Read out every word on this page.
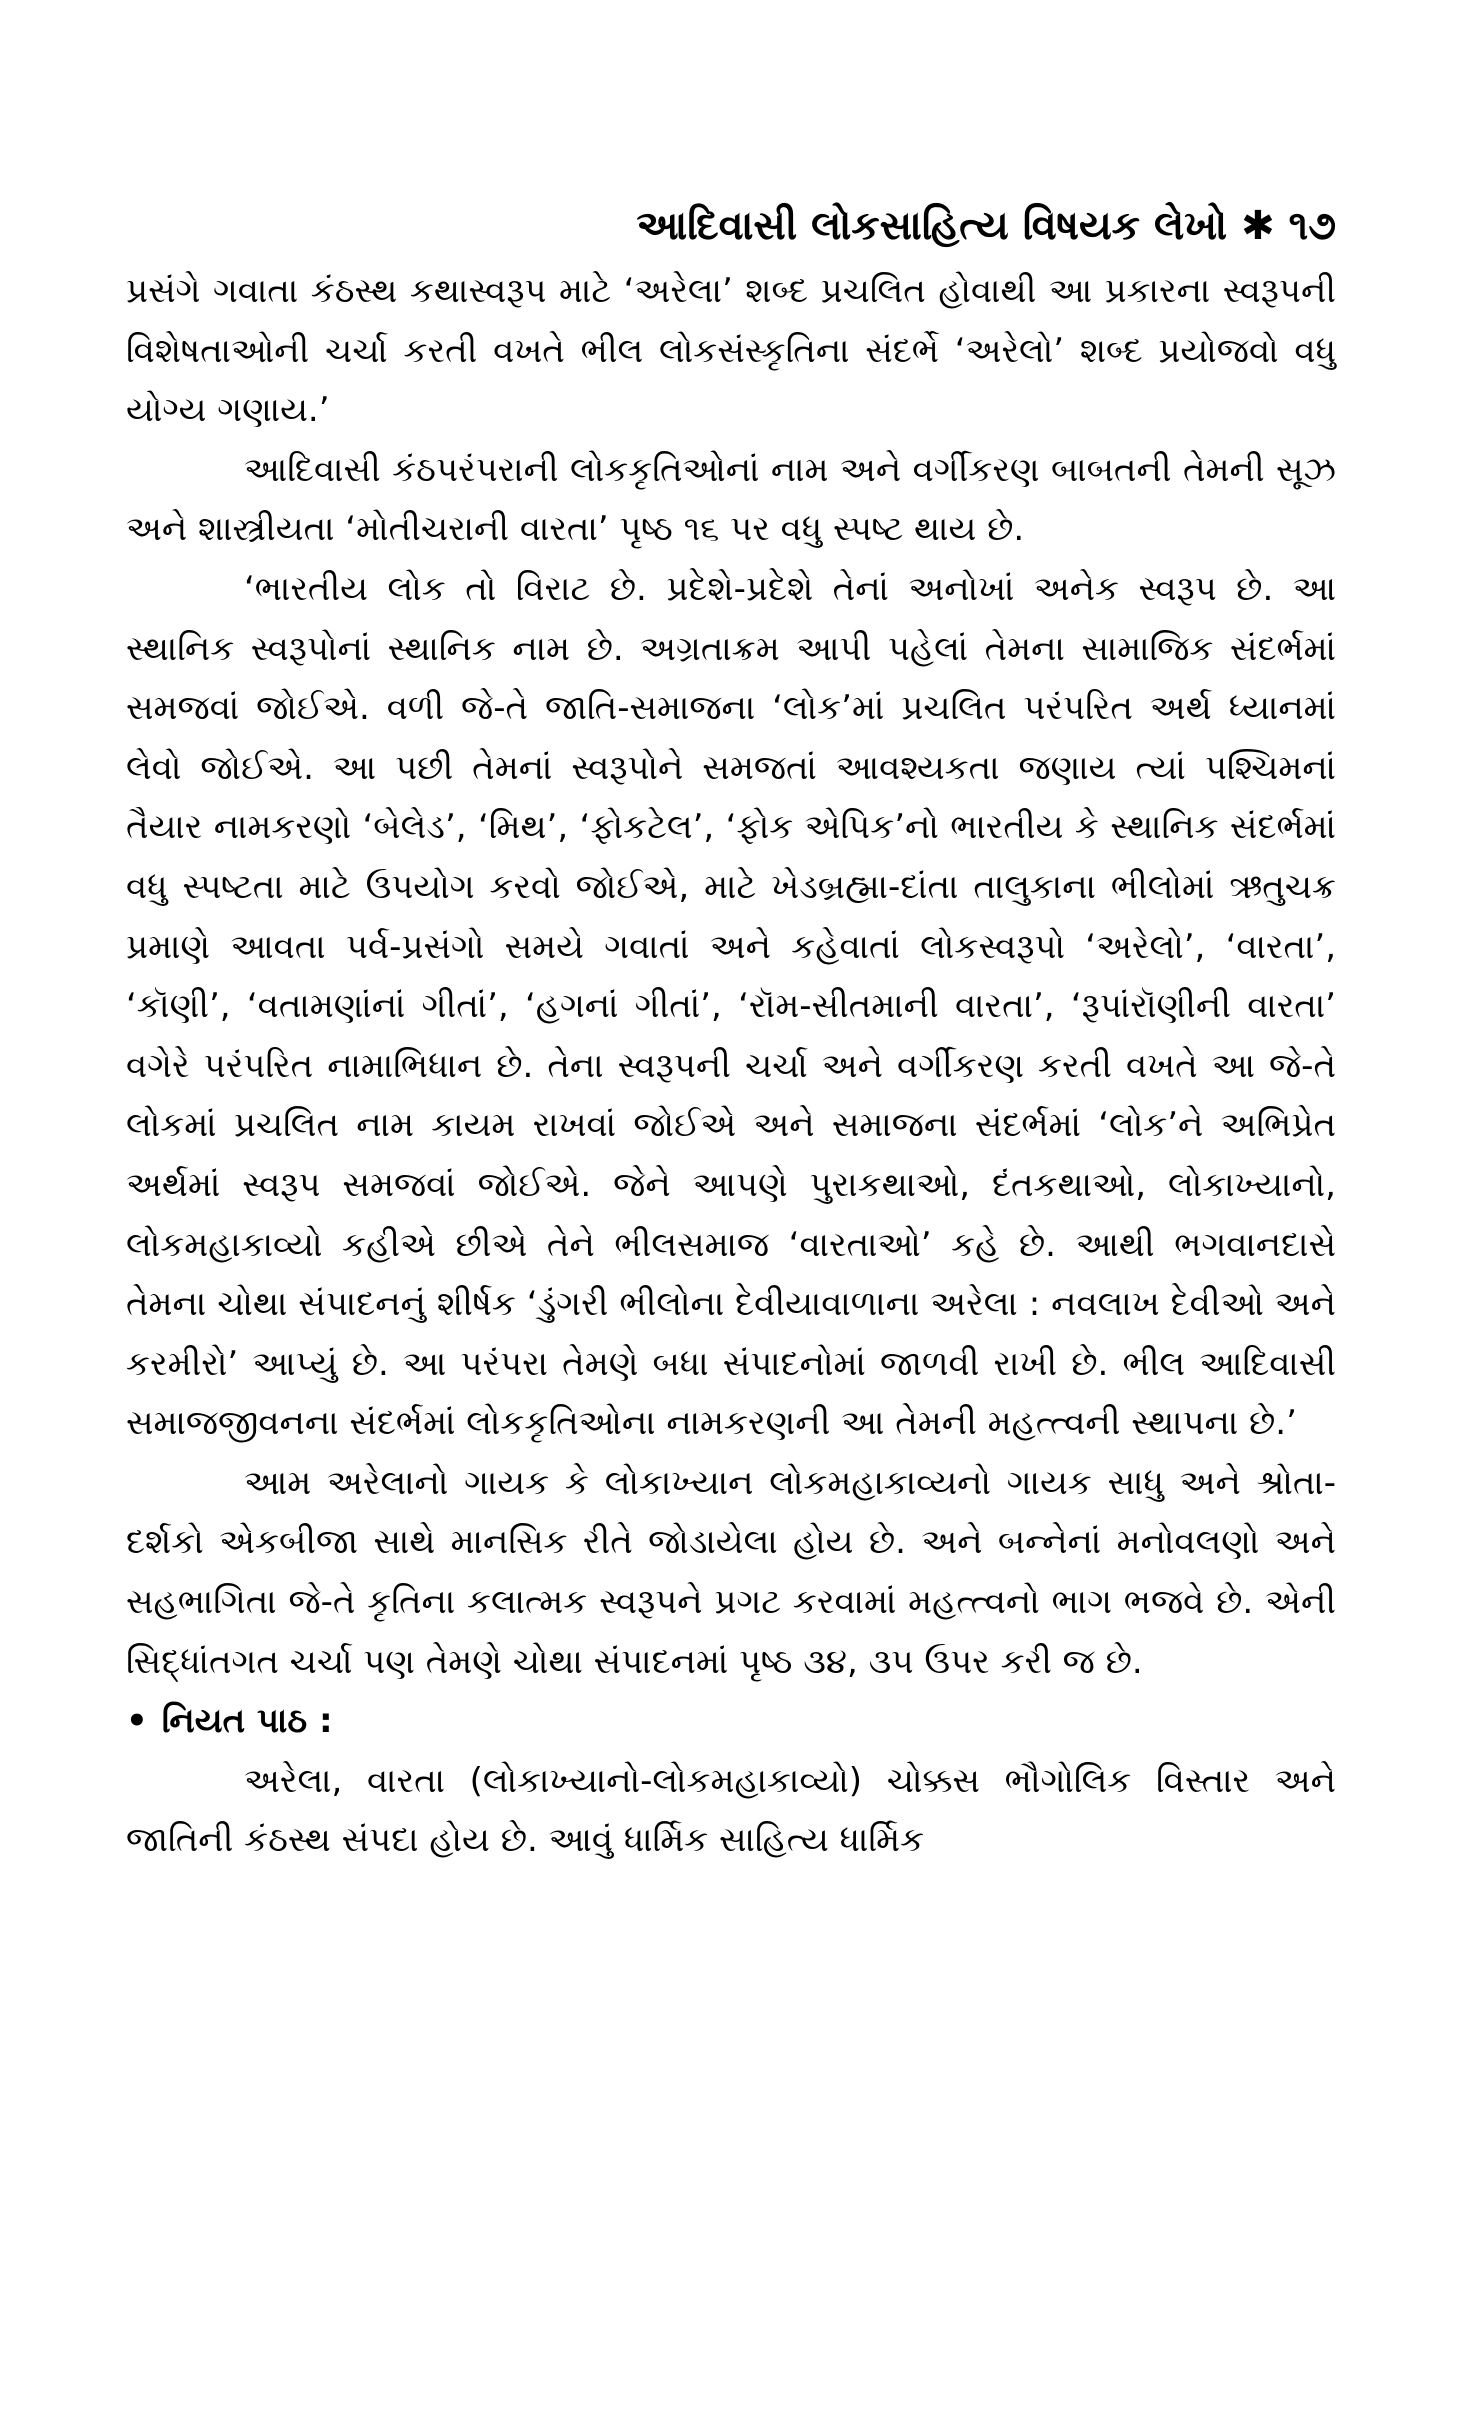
આદિવાસી લોકસાહિત્ય વિષયક લેખો ✱ ૧૭

પ્રસંગે ગવાતા કંઠસ્થ કથાસ્વરૂપ માટે ‘અરેલા’ શબ્દ પ્રચલિત હોવાથી આ પ્રકારના સ્વરૂપની વિશેષતાઓની ચર્ચા કરતી વખતે ભીલ લોકસંસ્કૃતિના સંદર્ભે ‘અરેલો’ શબ્દ પ્રયોજવો વધુ યોગ્ય ગણાય.’

આદિવાસી કંઠપરંપરાની લોકકૃતિઓનાં નામ અને વર્ગીકરણ બાબતની તેમની સૂઝ અને શાસ્ત્રીયતા ‘મોતીચરાની વારતા’ પૃષ્ઠ ૧૬ પર વધુ સ્પષ્ટ થાય છે.

‘ભારતીય લોક તો વિરાટ છે. પ્રદેશે-પ્રદેશે તેનાં અનોખાં અનેક સ્વરૂપ છે. આ સ્થાનિક સ્વરૂપોનાં સ્થાનિક નામ છે. અગ્રતાક્રમ આપી પહેલાં તેમના સામાજિક સંદર્ભમાં સમજવાં જોઈએ. વળી જે-તે જાતિ-સમાજના ‘લોક’માં પ્રચલિત પરંપરિત અર્થ ધ્યાનમાં લેવો જોઈએ. આ પછી તેમનાં સ્વરૂપોને સમજતાં આવશ્યકતા જણાય ત્યાં પશ્ચિમનાં તૈયાર નામકરણો ‘બેલેડ’, ‘મિથ’, ‘ફોકટેલ’, ‘ફોક એપિક’નો ભારતીય કે સ્થાનિક સંદર્ભમાં વધુ સ્પષ્ટતા માટે ઉપયોગ કરવો જોઈએ, માટે ખેડબ્રહ્મા-દાંતા તાલુકાના ભીલોમાં ઋતુચક્ર પ્રમાણે આવતા પર્વ-પ્રસંગો સમયે ગવાતાં અને કહેવાતાં લોકસ્વરૂપો ‘અરેલો’, ‘વારતા’, ‘કૉણી’, ‘વતામણાંનાં ગીતાં’, ‘હગનાં ગીતાં’, ‘રૉમ-સીતમાની વારતા’, ‘રૂપાંરૉણીની વારતા’ વગેરે પરંપરિત નામાભિધાન છે. તેના સ્વરૂપની ચર્ચા અને વર્ગીકરણ કરતી વખતે આ જે-તે લોકમાં પ્રચલિત નામ કાયમ રાખવાં જોઈએ અને સમાજના સંદર્ભમાં ‘લોક’ને અભિપ્રેત અર્થમાં સ્વરૂપ સમજવાં જોઈએ. જેને આપણે પુરાકથાઓ, દંતકથાઓ, લોકાખ્યાનો, લોકમહાકાવ્યો કહીએ છીએ તેને ભીલસમાજ ‘વારતાઓ’ કહે છે. આથી ભગવાનદાસે તેમના ચોથા સંપાદનનું શીર્ષક ‘ડુંગરી ભીલોના દેવીયાવાળાના અરેલા : નવલાખ દેવીઓ અને કરમીરો’ આપ્યું છે. આ પરંપરા તેમણે બધા સંપાદનોમાં જાળવી રાખી છે. ભીલ આદિવાસી સમાજજીવનના સંદર્ભમાં લોકકૃતિઓના નામકરણની આ તેમની મહત્ત્વની સ્થાપના છે.’

આમ અરેલાનો ગાયક કે લોકાખ્યાન લોકમહાકાવ્યનો ગાયક સાધુ અને શ્રોતા-દર્શકો એકબીજા સાથે માનસિક રીતે જોડાયેલા હોય છે. અને બન્નેનાં મનોવલણો અને સહભાગિતા જે-તે કૃતિના કલાત્મક સ્વરૂપને પ્રગટ કરવામાં મહત્ત્વનો ભાગ ભજવે છે. એની સિદ્ધાંતગત ચર્ચા પણ તેમણે ચોથા સંપાદનમાં પૃષ્ઠ ૩૪, ૩૫ ઉપર કરી જ છે.

• નિયત પાઠ :

અરેલા, વારતા (લોકાખ્યાનો-લોકમહાકાવ્યો) ચોક્કસ ભૌગોલિક વિસ્તાર અને જાતિની કંઠસ્થ સંપદા હોય છે. આવું ધાર્મિક સાહિત્ય ધાર્મિક
